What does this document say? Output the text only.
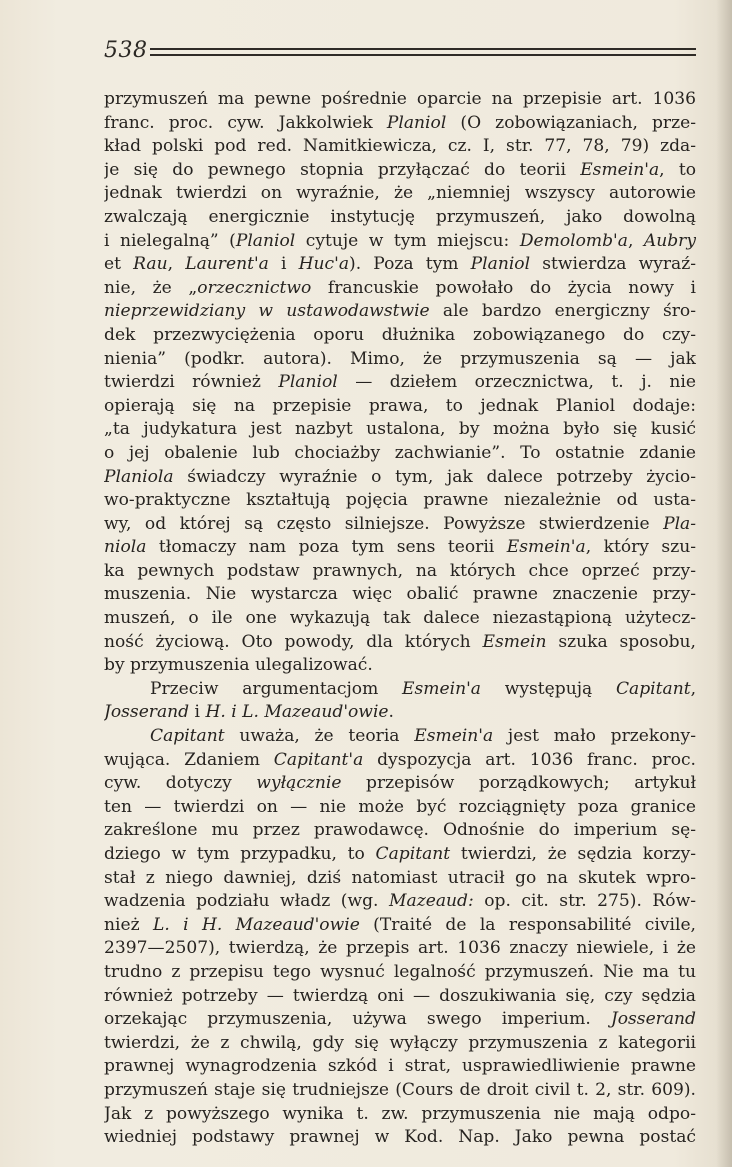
538
przymuszeń ma pewne pośrednie oparcie na przepisie art. 1036
franc. proc. cyw. Jakkolwiek Planiol (O zobowiązaniach, prze-
kład polski pod red. Namitkiewicza, cz. I, str. 77, 78, 79) zda-
je się do pewnego stopnia przyłączać do teorii Esmein'a, to
jednak twierdzi on wyraźnie, że „niemniej wszyscy autorowie
zwalczają energicznie instytucję przymuszeń, jako dowolną
i nielegalną” (Planiol cytuje w tym miejscu: Demolomb'a, Aubry
et Rau, Laurent'a i Huc'a). Poza tym Planiol stwierdza wyraź-
nie, że „orzecznictwo francuskie powołało do życia nowy i
nieprzewidziany w ustawodawstwie ale bardzo energiczny śro-
dek przezwyciężenia oporu dłużnika zobowiązanego do czy-
nienia” (podkr. autora). Mimo, że przymuszenia są — jak
twierdzi również Planiol — dziełem orzecznictwa, t. j. nie
opierają się na przepisie prawa, to jednak Planiol dodaje:
„ta judykatura jest nazbyt ustalona, by można było się kusić
o jej obalenie lub chociażby zachwianie”. To ostatnie zdanie
Planiola świadczy wyraźnie o tym, jak dalece potrzeby życio-
wo-praktyczne kształtują pojęcia prawne niezależnie od usta-
wy, od której są często silniejsze. Powyższe stwierdzenie Pla-
niola tłomaczy nam poza tym sens teorii Esmein'a, który szu-
ka pewnych podstaw prawnych, na których chce oprzeć przy-
muszenia. Nie wystarcza więc obalić prawne znaczenie przy-
muszeń, o ile one wykazują tak dalece niezastąpioną użytecz-
ność życiową. Oto powody, dla których Esmein szuka sposobu,
by przymuszenia ulegalizować.
Przeciw argumentacjom Esmein'a występują Capitant,
Josserand i H. i L. Mazeaud'owie.
Capitant uważa, że teoria Esmein'a jest mało przekony-
wująca. Zdaniem Capitant'a dyspozycja art. 1036 franc. proc.
cyw. dotyczy wyłącznie przepisów porządkowych; artykuł
ten — twierdzi on — nie może być rozciągnięty poza granice
zakreślone mu przez prawodawcę. Odnośnie do imperium sę-
dziego w tym przypadku, to Capitant twierdzi, że sędzia korzy-
stał z niego dawniej, dziś natomiast utracił go na skutek wpro-
wadzenia podziału władz (wg. Mazeaud: op. cit. str. 275). Rów-
nież L. i H. Mazeaud'owie (Traité de la responsabilité civile,
2397—2507), twierdzą, że przepis art. 1036 znaczy niewiele, i że
trudno z przepisu tego wysnuć legalność przymuszeń. Nie ma tu
również potrzeby — twierdzą oni — doszukiwania się, czy sędzia
orzekając przymuszenia, używa swego imperium. Josserand
twierdzi, że z chwilą, gdy się wyłączy przymuszenia z kategorii
prawnej wynagrodzenia szkód i strat, usprawiedliwienie prawne
przymuszeń staje się trudniejsze (Cours de droit civil t. 2, str. 609).
Jak z powyższego wynika t. zw. przymuszenia nie mają odpo-
wiedniej podstawy prawnej w Kod. Nap. Jako pewna postać
